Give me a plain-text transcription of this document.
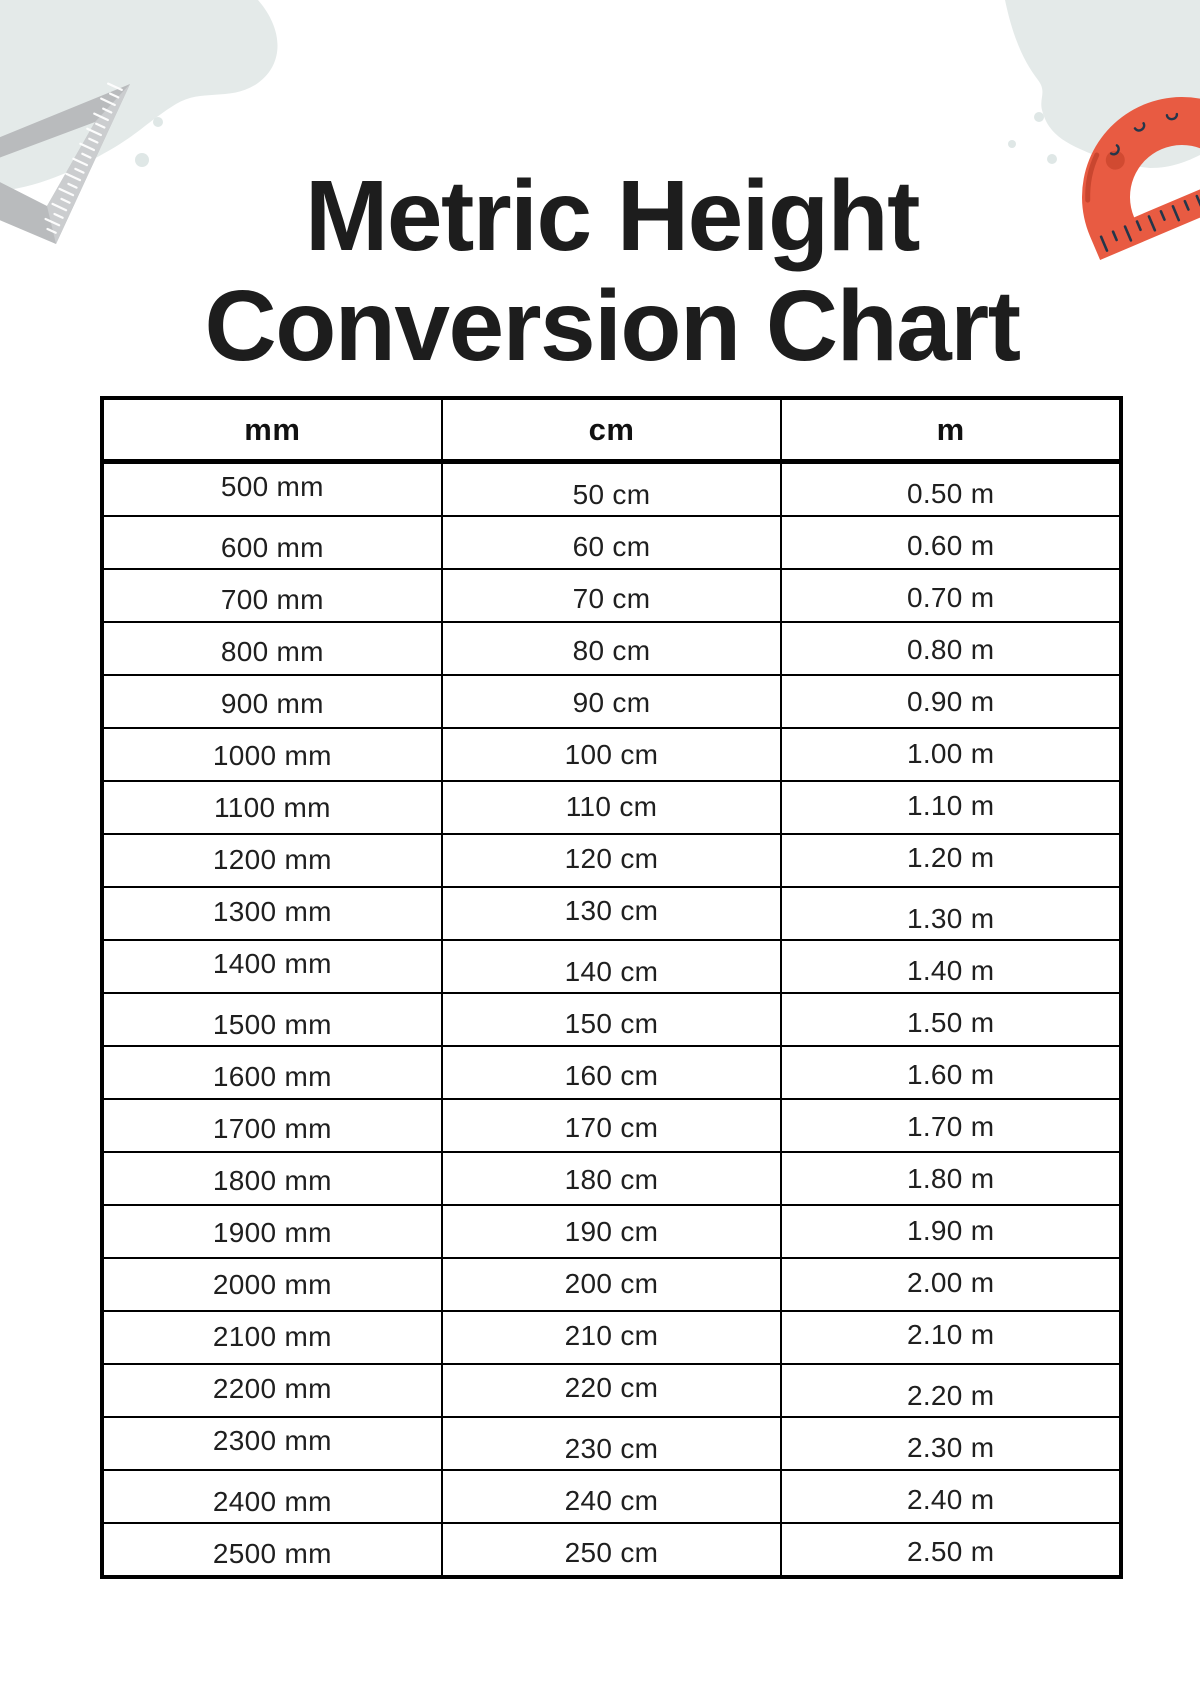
Metric Height
Conversion Chart
mm	cm	m
500 mm	50 cm	0.50 m
600 mm	60 cm	0.60 m
700 mm	70 cm	0.70 m
800 mm	80 cm	0.80 m
900 mm	90 cm	0.90 m
1000 mm	100 cm	1.00 m
1100 mm	110 cm	1.10 m
1200 mm	120 cm	1.20 m
1300 mm	130 cm	1.30 m
1400 mm	140 cm	1.40 m
1500 mm	150 cm	1.50 m
1600 mm	160 cm	1.60 m
1700 mm	170 cm	1.70 m
1800 mm	180 cm	1.80 m
1900 mm	190 cm	1.90 m
2000 mm	200 cm	2.00 m
2100 mm	210 cm	2.10 m
2200 mm	220 cm	2.20 m
2300 mm	230 cm	2.30 m
2400 mm	240 cm	2.40 m
2500 mm	250 cm	2.50 m
